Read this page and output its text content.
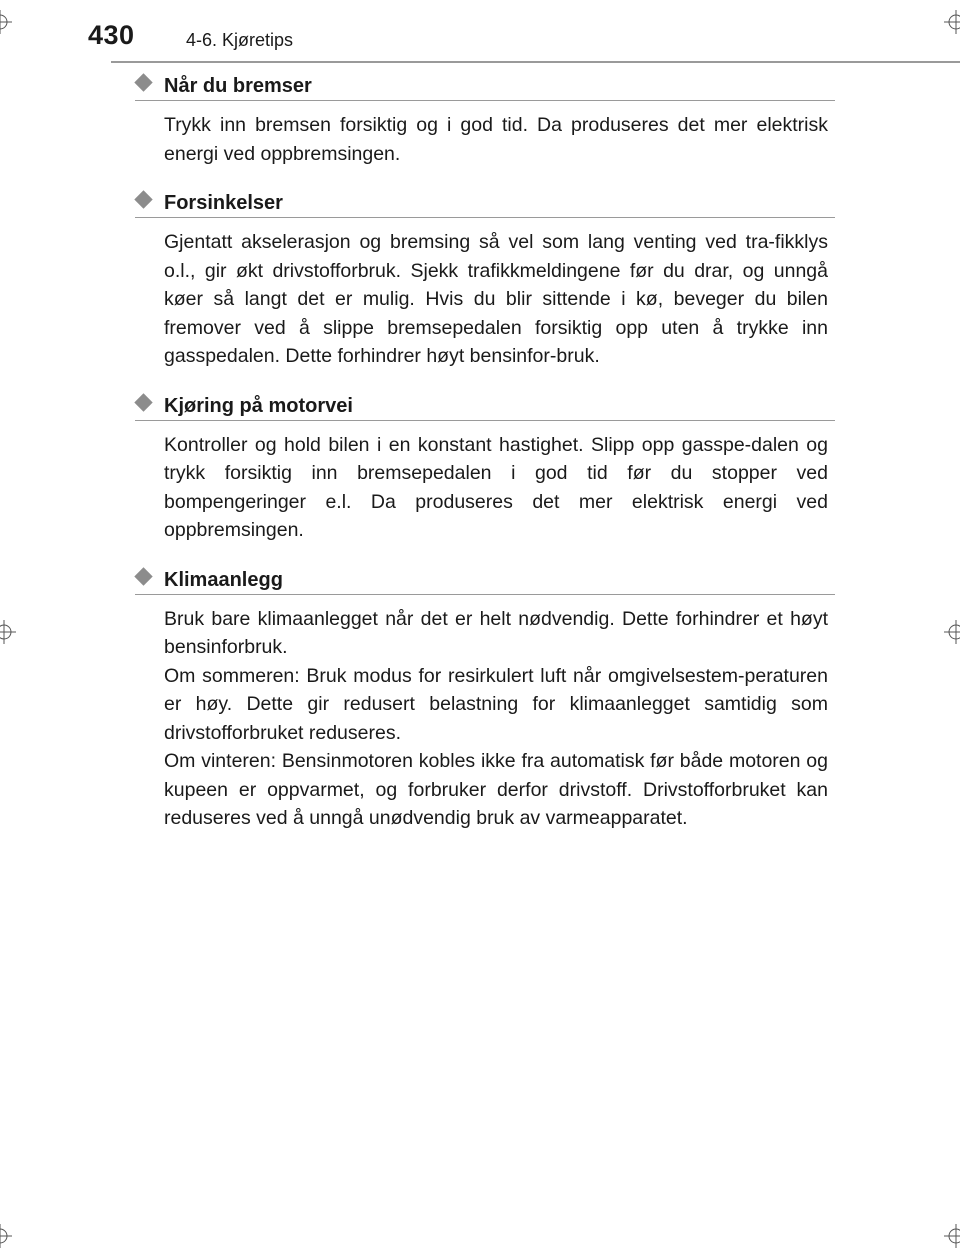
430	4-6. Kjøretips
Når du bremser

Trykk inn bremsen forsiktig og i god tid. Da produseres det mer elektrisk energi ved oppbremsingen.

Forsinkelser

Gjentatt akselerasjon og bremsing så vel som lang venting ved tra-fikklys o.l., gir økt drivstofforbruk. Sjekk trafikkmeldingene før du drar, og unngå køer så langt det er mulig. Hvis du blir sittende i kø, beveger du bilen fremover ved å slippe bremsepedalen forsiktig opp uten å trykke inn gasspedalen. Dette forhindrer høyt bensinfor-bruk.

Kjøring på motorvei

Kontroller og hold bilen i en konstant hastighet. Slipp opp gasspe-dalen og trykk forsiktig inn bremsepedalen i god tid før du stopper ved bompengeringer e.l. Da produseres det mer elektrisk energi ved oppbremsingen.

Klimaanlegg

Bruk bare klimaanlegget når det er helt nødvendig. Dette forhindrer et høyt bensinforbruk.

Om sommeren: Bruk modus for resirkulert luft når omgivelsestem-peraturen er høy. Dette gir redusert belastning for klimaanlegget samtidig som drivstofforbruket reduseres.

Om vinteren: Bensinmotoren kobles ikke fra automatisk før både motoren og kupeen er oppvarmet, og forbruker derfor drivstoff. Drivstofforbruket kan reduseres ved å unngå unødvendig bruk av varmeapparatet.
